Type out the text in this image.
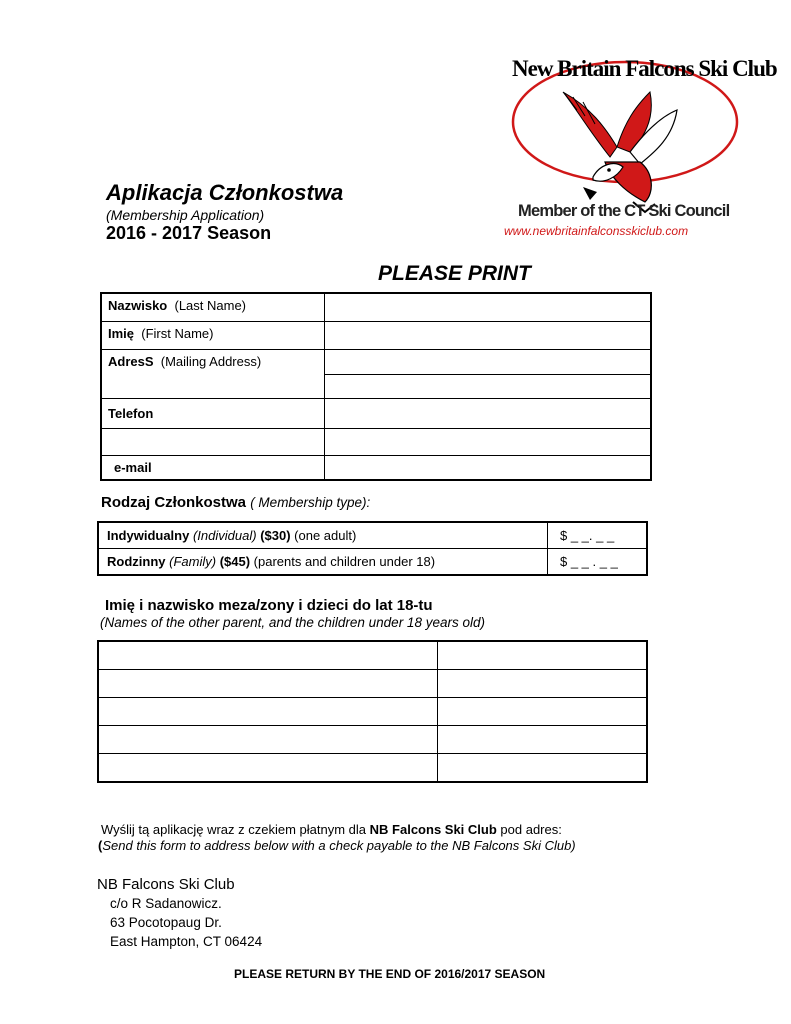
Aplikacja Członkostwa
(Membership Application)
2016 - 2017 Season
New Britain Falcons Ski Club
Member of the CT Ski Council
www.newbritainfalconsskiclub.com
PLEASE PRINT
Nazwisko (Last Name)	
Imię (First Name)	
AdresS (Mailing Address)	

Telefon	

e-mail	
Rodzaj Członkostwa ( Membership type):
Indywidualny (Individual) ($30) (one adult)	$ _ _. _ _
Rodzinny (Family) ($45) (parents and children under 18)	$ _ _ . _ _
Imię i nazwisko meza/zony i dzieci do lat 18-tu
(Names of the other parent, and the children under 18 years old)

Wyślij tą aplikację wraz z czekiem płatnym dla NB Falcons Ski Club pod adres:
(Send this form to address below with a check payable to the NB Falcons Ski Club)
NB Falcons Ski Club
c/o R Sadanowicz.
63 Pocotopaug Dr.
East Hampton, CT 06424
PLEASE RETURN BY THE END OF 2016/2017 SEASON
